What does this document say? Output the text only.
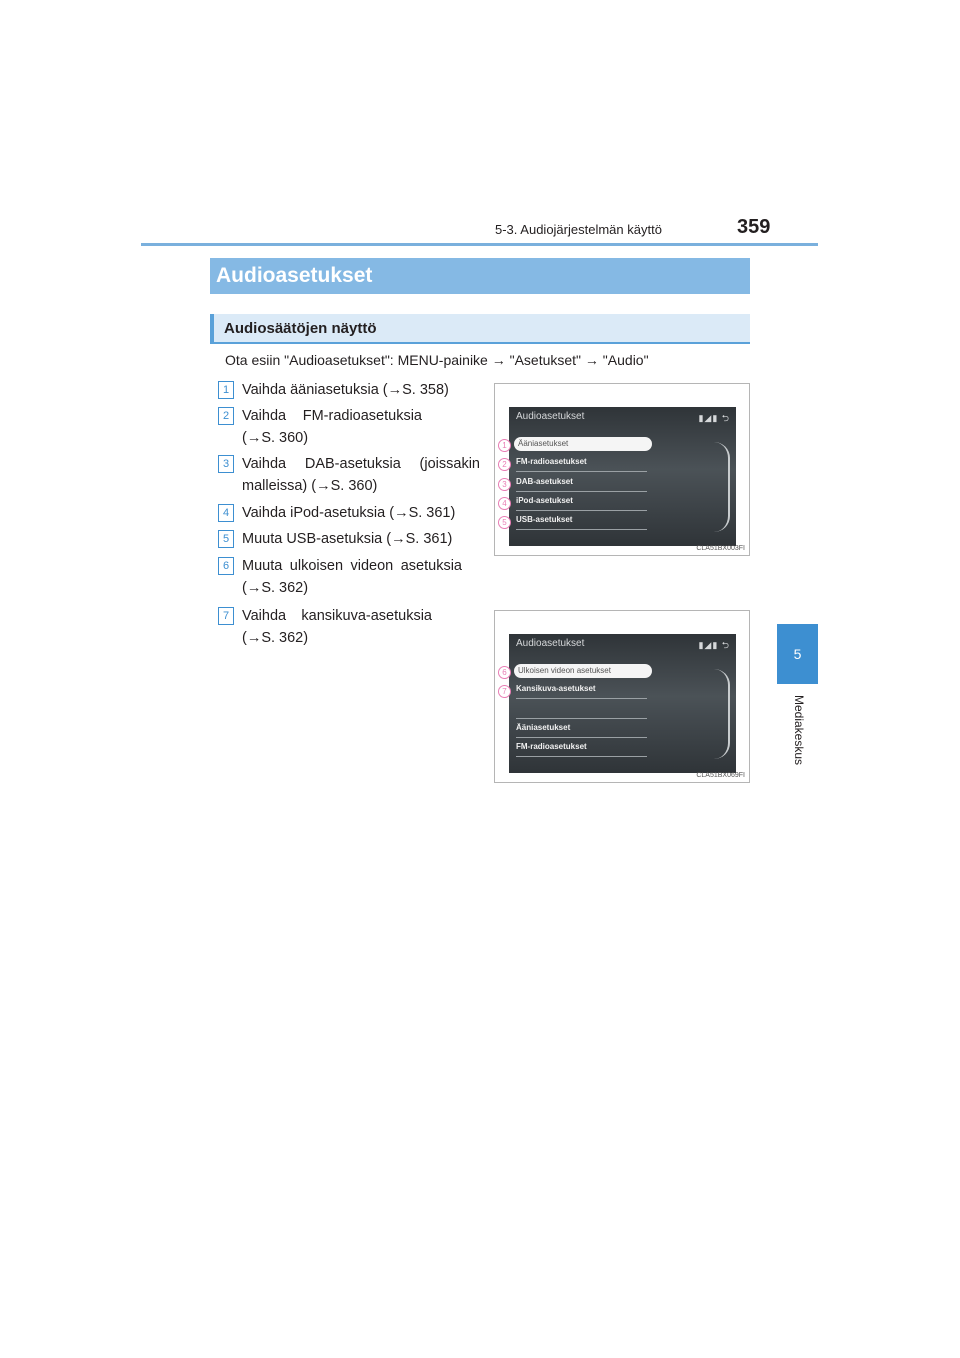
5-3. Audiojärjestelmän käyttö	359
5
Mediakeskus
Audioasetukset
Audiosäätöjen näyttö
Ota esiin "Audioasetukset": MENU-painike → "Asetukset" → "Audio"
1 Vaihda ääniasetuksia (→S. 358)
2 Vaihda FM-radioasetuksia (→S. 360)
3 Vaihda DAB-asetuksia (joissakin malleissa) (→S. 360)
4 Vaihda iPod-asetuksia (→S. 361)
5 Muuta USB-asetuksia (→S. 361)
6 Muuta ulkoisen videon asetuksia (→S. 362)
7 Vaihda kansikuva-asetuksia (→S. 362)
Audioasetukset	▮◢▮ ⮌
Ääniasetukset
FM-radioasetukset
DAB-asetukset
iPod-asetukset
USB-asetukset
1
2
3
4
5
CLA51BX003FI
Audioasetukset	▮◢▮ ⮌
Ulkoisen videon asetukset
Kansikuva-asetukset
Ääniasetukset
FM-radioasetukset
6
7
CLA51BX069FI
